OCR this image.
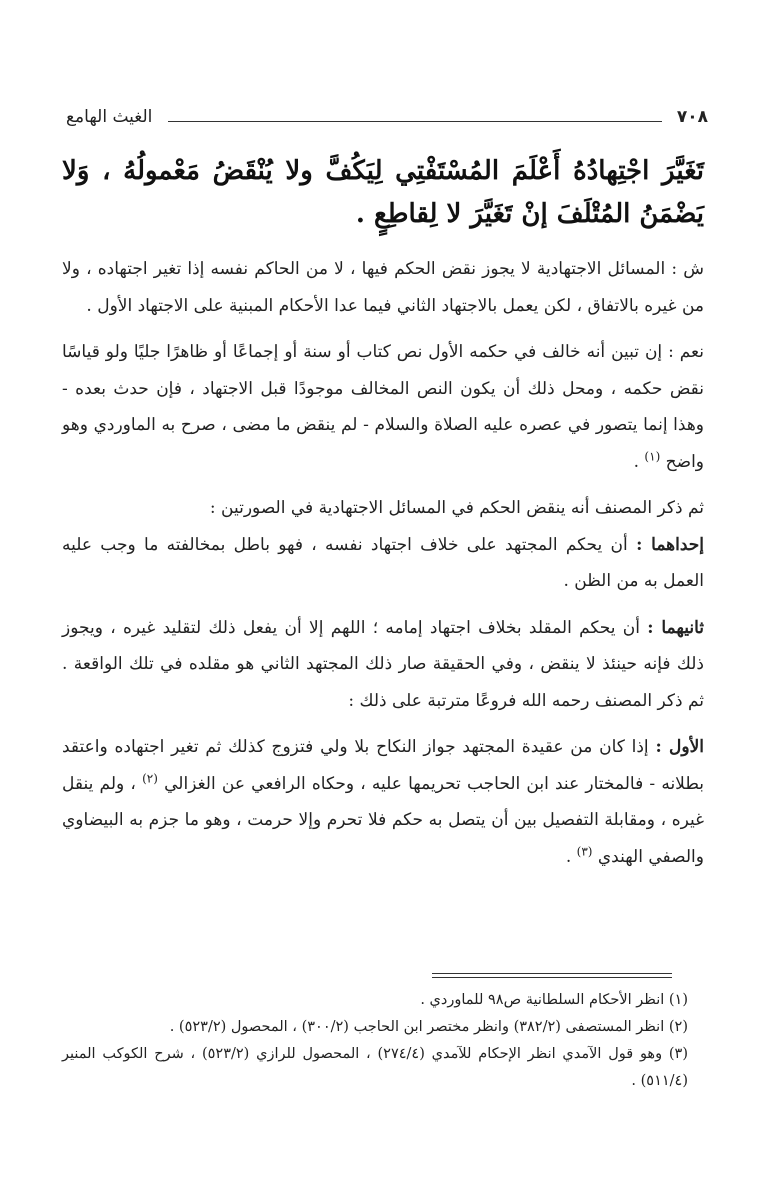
٧٠٨
الغيث الهامع

تَغَيَّرَ اجْتِهادُهُ أَعْلَمَ المُسْتَفْتِي لِيَكُفَّ ولا يُنْقَضُ مَعْمولُهُ ، وَلا يَضْمَنُ المُتْلَفَ إنْ تَغَيَّرَ لا لِقاطِعٍ .

ش : المسائل الاجتهادية لا يجوز نقض الحكم فيها ، لا من الحاكم نفسه إذا تغير اجتهاده ، ولا من غيره بالاتفاق ، لكن يعمل بالاجتهاد الثاني فيما عدا الأحكام المبنية على الاجتهاد الأول .

نعم : إن تبين أنه خالف في حكمه الأول نص كتاب أو سنة أو إجماعًا أو ظاهرًا جليًا ولو قياسًا نقض حكمه ، ومحل ذلك أن يكون النص المخالف موجودًا قبل الاجتهاد ، فإن حدث بعده - وهذا إنما يتصور في عصره عليه الصلاة والسلام - لم ينقض ما مضى ، صرح به الماوردي وهو واضح $^{(١)}$ .

ثم ذكر المصنف أنه ينقض الحكم في المسائل الاجتهادية في الصورتين :
إحداهما : أن يحكم المجتهد على خلاف اجتهاد نفسه ، فهو باطل بمخالفته ما وجب عليه العمل به من الظن .

ثانيهما : أن يحكم المقلد بخلاف اجتهاد إمامه ؛ اللهم إلا أن يفعل ذلك لتقليد غيره ، ويجوز ذلك فإنه حينئذ لا ينقض ، وفي الحقيقة صار ذلك المجتهد الثاني هو مقلده في تلك الواقعة . ثم ذكر المصنف رحمه الله فروعًا مترتبة على ذلك :

الأول : إذا كان من عقيدة المجتهد جواز النكاح بلا ولي فتزوج كذلك ثم تغير اجتهاده واعتقد بطلانه - فالمختار عند ابن الحاجب تحريمها عليه ، وحكاه الرافعي عن الغزالي $^{(٢)}$ ، ولم ينقل غيره ، ومقابلة التفصيل بين أن يتصل به حكم فلا تحرم وإلا حرمت ، وهو ما جزم به البيضاوي والصفي الهندي $^{(٣)}$ .

(١) انظر الأحكام السلطانية ص٩٨ للماوردي .

(٢) انظر المستصفى (٣٨٢/٢) وانظر مختصر ابن الحاجب (٣٠٠/٢) ، المحصول (٥٢٣/٢) .

(٣) وهو قول الآمدي انظر الإحكام للآمدي (٢٧٤/٤) ، المحصول للرازي (٥٢٣/٢) ، شرح الكوكب المنير (٥١١/٤) .
